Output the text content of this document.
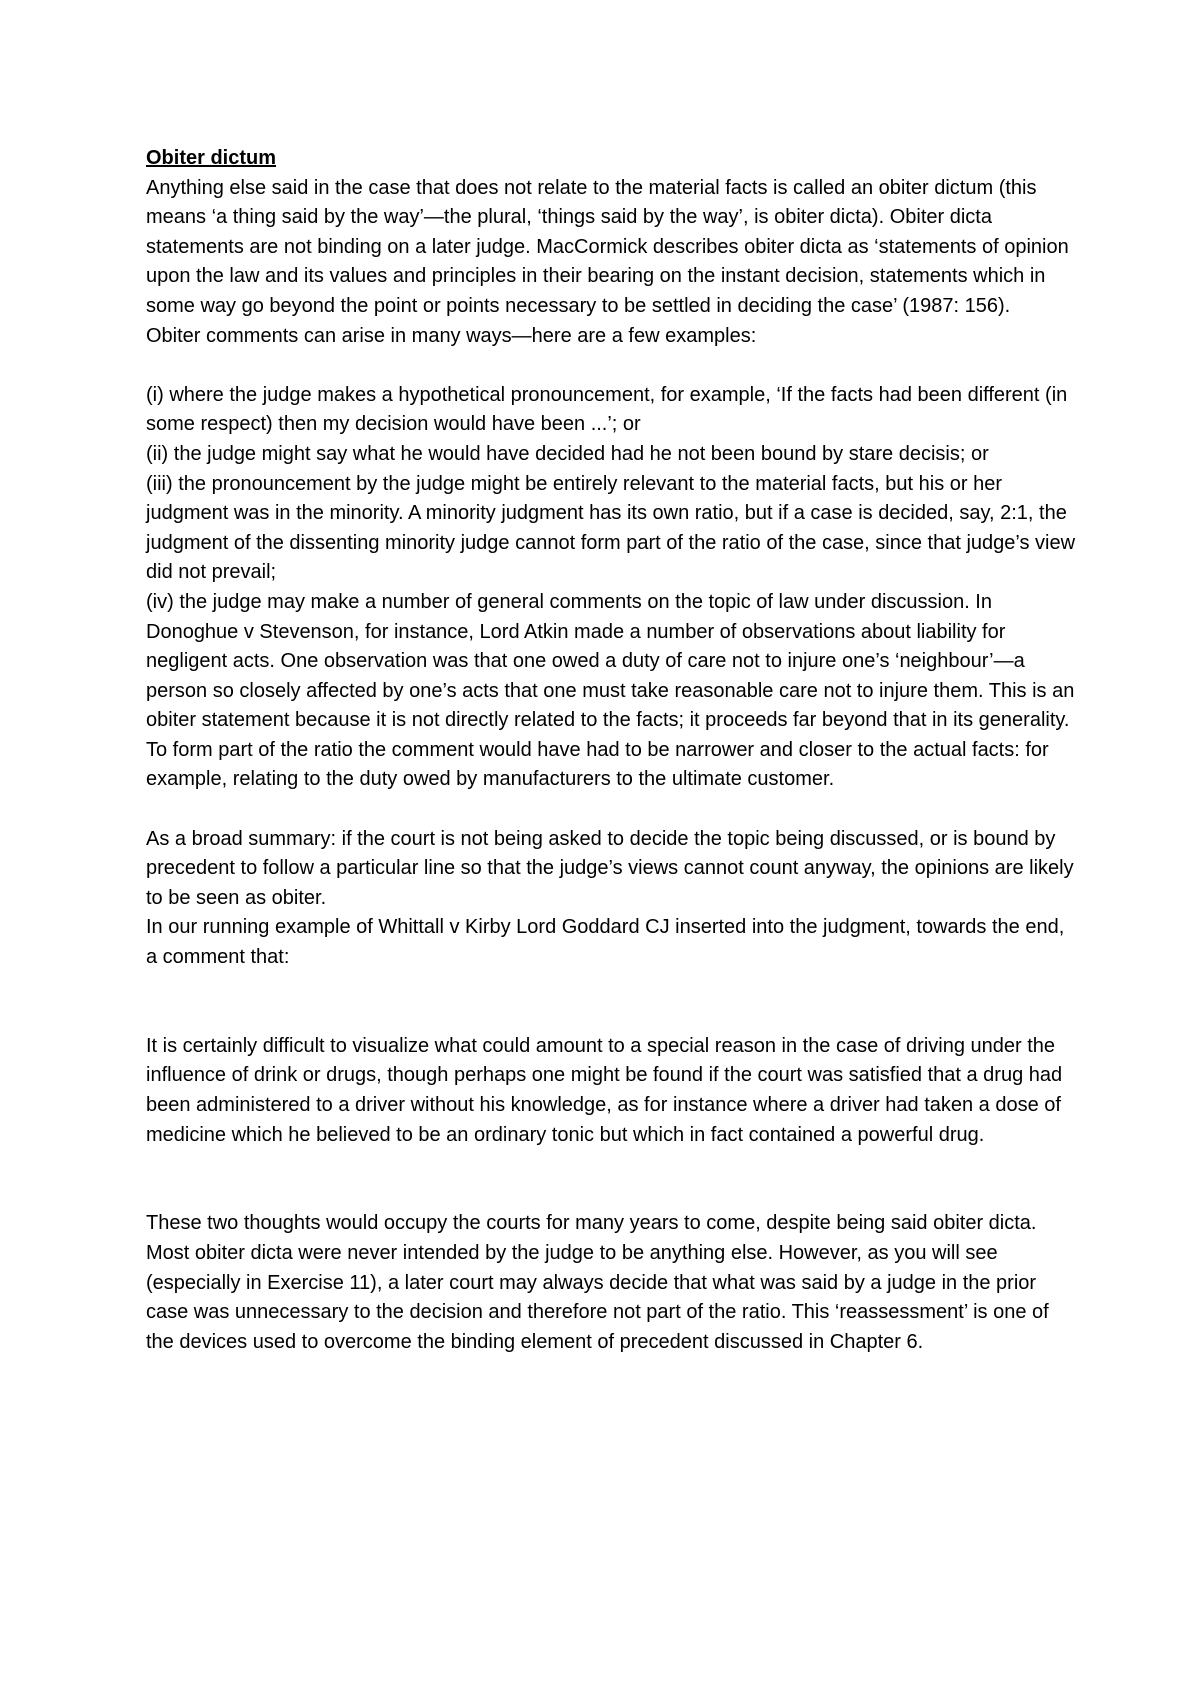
Obiter dictum

Anything else said in the case that does not relate to the material facts is called an obiter dictum (this means ‘a thing said by the way’—the plural, ‘things said by the way’, is obiter dicta). Obiter dicta statements are not binding on a later judge. MacCormick describes obiter dicta as ‘statements of opinion upon the law and its values and principles in their bearing on the instant decision, statements which in some way go beyond the point or points necessary to be settled in deciding the case’ (1987: 156).

Obiter comments can arise in many ways—here are a few examples:

(i) where the judge makes a hypothetical pronouncement, for example, ‘If the facts had been different (in some respect) then my decision would have been ...’; or

(ii) the judge might say what he would have decided had he not been bound by stare decisis; or

(iii) the pronouncement by the judge might be entirely relevant to the material facts, but his or her judgment was in the minority. A minority judgment has its own ratio, but if a case is decided, say, 2:1, the judgment of the dissenting minority judge cannot form part of the ratio of the case, since that judge’s view did not prevail;

(iv) the judge may make a number of general comments on the topic of law under discussion. In Donoghue v Stevenson, for instance, Lord Atkin made a number of observations about liability for negligent acts. One observation was that one owed a duty of care not to injure one’s ‘neighbour’—a person so closely affected by one’s acts that one must take reasonable care not to injure them. This is an obiter statement because it is not directly related to the facts; it proceeds far beyond that in its generality. To form part of the ratio the comment would have had to be narrower and closer to the actual facts: for example, relating to the duty owed by manufacturers to the ultimate customer.

As a broad summary: if the court is not being asked to decide the topic being discussed, or is bound by precedent to follow a particular line so that the judge’s views cannot count anyway, the opinions are likely to be seen as obiter.

In our running example of Whittall v Kirby Lord Goddard CJ inserted into the judgment, towards the end, a comment that:

It is certainly difficult to visualize what could amount to a special reason in the case of driving under the influence of drink or drugs, though perhaps one might be found if the court was satisfied that a drug had been administered to a driver without his knowledge, as for instance where a driver had taken a dose of medicine which he believed to be an ordinary tonic but which in fact contained a powerful drug.

These two thoughts would occupy the courts for many years to come, despite being said obiter dicta.

Most obiter dicta were never intended by the judge to be anything else. However, as you will see (especially in Exercise 11), a later court may always decide that what was said by a judge in the prior case was unnecessary to the decision and therefore not part of the ratio. This ‘reassessment’ is one of the devices used to overcome the binding element of precedent discussed in Chapter 6.
